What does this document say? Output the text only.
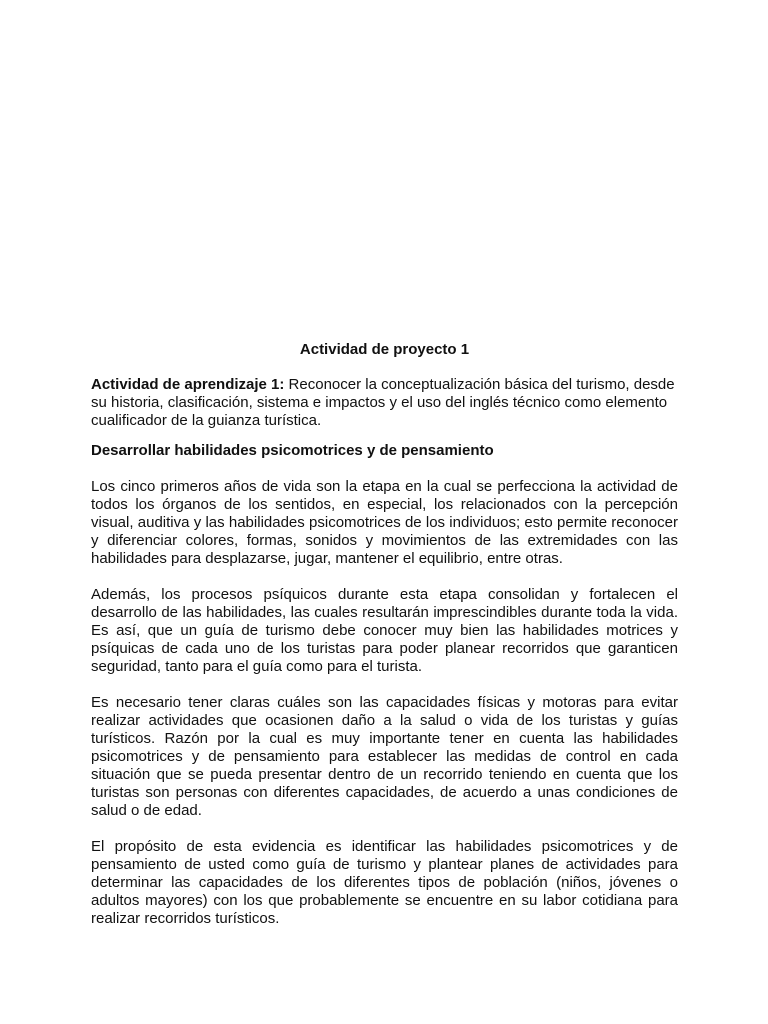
Actividad de proyecto 1
Actividad de aprendizaje 1: Reconocer la conceptualización básica del turismo, desde su historia, clasificación, sistema e impactos y el uso del inglés técnico como elemento cualificador de la guianza turística.
Desarrollar habilidades psicomotrices y de pensamiento

Los cinco primeros años de vida son la etapa en la cual se perfecciona la actividad de todos los órganos de los sentidos, en especial, los relacionados con la percepción visual, auditiva y las habilidades psicomotrices de los individuos; esto permite reconocer y diferenciar colores, formas, sonidos y movimientos de las extremidades con las habilidades para desplazarse, jugar, mantener el equilibrio, entre otras.

Además, los procesos psíquicos durante esta etapa consolidan y fortalecen el desarrollo de las habilidades, las cuales resultarán imprescindibles durante toda la vida. Es así, que un guía de turismo debe conocer muy bien las habilidades motrices y psíquicas de cada uno de los turistas para poder planear recorridos que garanticen seguridad, tanto para el guía como para el turista.

Es necesario tener claras cuáles son las capacidades físicas y motoras para evitar realizar actividades que ocasionen daño a la salud o vida de los turistas y guías turísticos. Razón por la cual es muy importante tener en cuenta las habilidades psicomotrices y de pensamiento para establecer las medidas de control en cada situación que se pueda presentar dentro de un recorrido teniendo en cuenta que los turistas son personas con diferentes capacidades, de acuerdo a unas condiciones de salud o de edad.

El propósito de esta evidencia es identificar las habilidades psicomotrices y de pensamiento de usted como guía de turismo y plantear planes de actividades para determinar las capacidades de los diferentes tipos de población (niños, jóvenes o adultos mayores) con los que probablemente se encuentre en su labor cotidiana para realizar recorridos turísticos.
